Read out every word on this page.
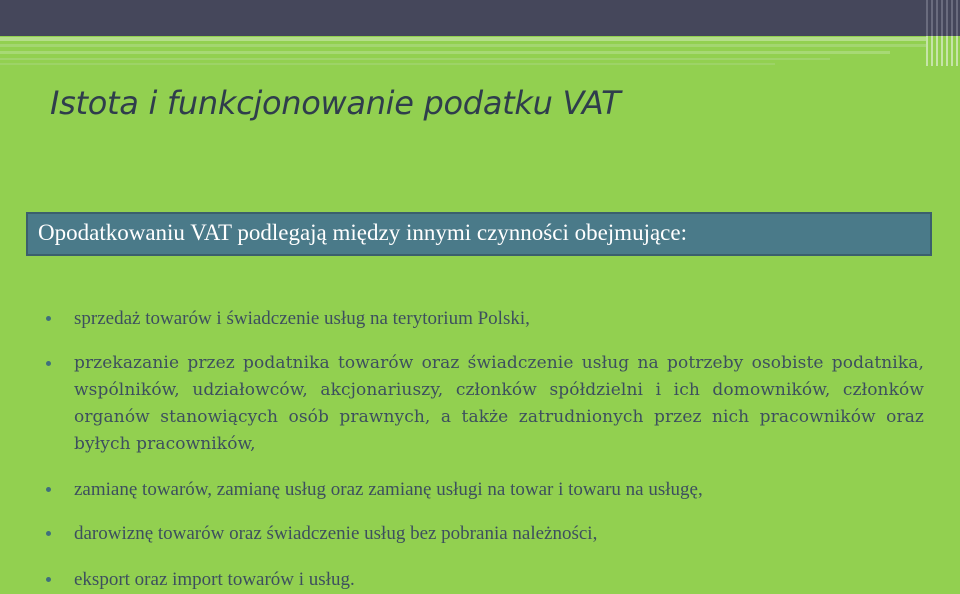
Istota i funkcjonowanie podatku VAT
Opodatkowaniu VAT podlegają między innymi czynności obejmujące:
sprzedaż towarów i świadczenie usług na terytorium Polski,
przekazanie przez podatnika towarów oraz świadczenie usług na potrzeby osobiste podatnika, wspólników, udziałowców, akcjonariuszy, członków spółdzielni i ich domowników, członków organów stanowiących osób prawnych, a także zatrudnionych przez nich pracowników oraz byłych pracowników,
zamianę towarów, zamianę usług oraz zamianę usługi na towar i towaru na usługę,
darowiznę towarów oraz świadczenie usług bez pobrania należności,
eksport oraz import towarów i usług.
